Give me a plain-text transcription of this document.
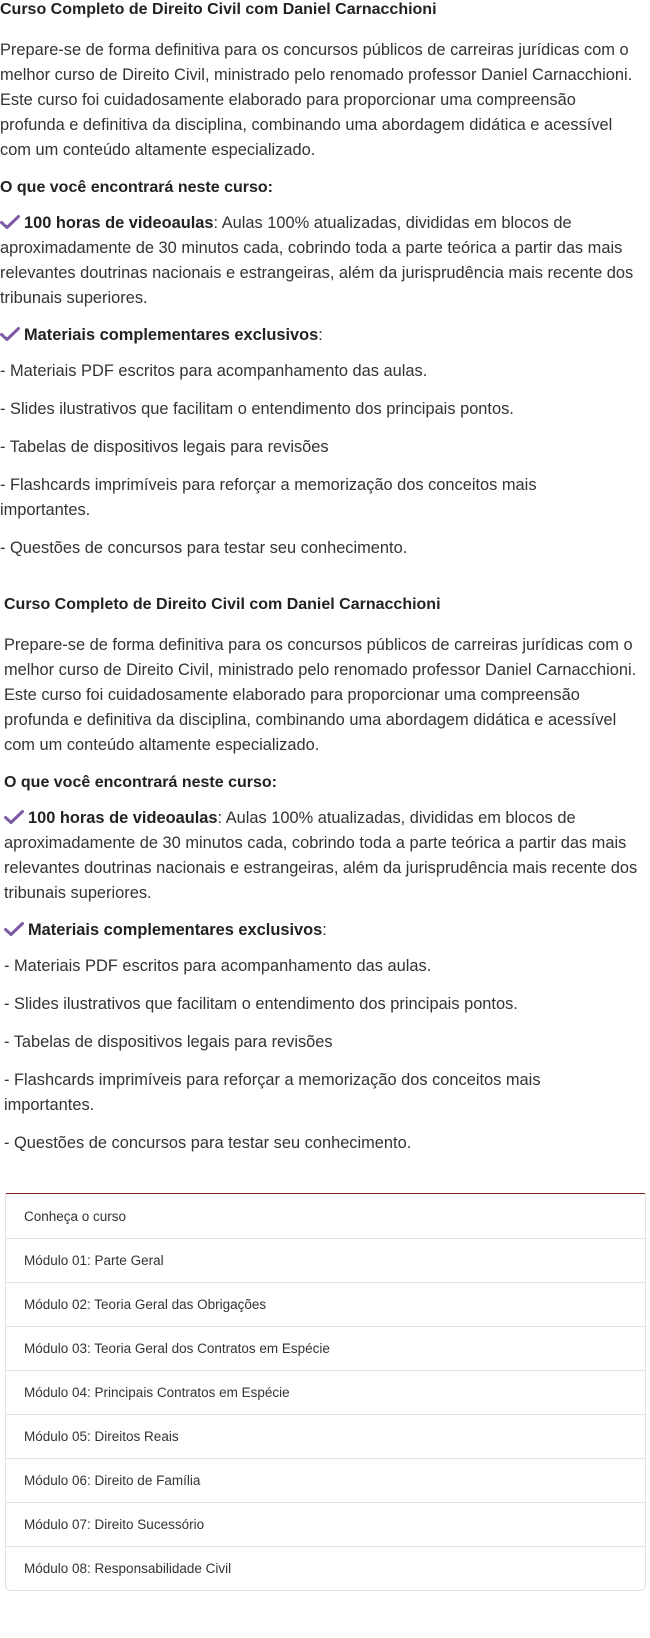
Curso Completo de Direito Civil com Daniel Carnacchioni

Prepare-se de forma definitiva para os concursos públicos de carreiras jurídicas com o melhor curso de Direito Civil, ministrado pelo renomado professor Daniel Carnacchioni. Este curso foi cuidadosamente elaborado para proporcionar uma compreensão profunda e definitiva da disciplina, combinando uma abordagem didática e acessível com um conteúdo altamente especializado.

O que você encontrará neste curso:

100 horas de videoaulas: Aulas 100% atualizadas, divididas em blocos de aproximadamente de 30 minutos cada, cobrindo toda a parte teórica a partir das mais relevantes doutrinas nacionais e estrangeiras, além da jurisprudência mais recente dos tribunais superiores.

Materiais complementares exclusivos:

- Materiais PDF escritos para acompanhamento das aulas.

- Slides ilustrativos que facilitam o entendimento dos principais pontos.

- Tabelas de dispositivos legais para revisões

- Flashcards imprimíveis para reforçar a memorização dos conceitos mais importantes.

- Questões de concursos para testar seu conhecimento.

Curso Completo de Direito Civil com Daniel Carnacchioni

Prepare-se de forma definitiva para os concursos públicos de carreiras jurídicas com o melhor curso de Direito Civil, ministrado pelo renomado professor Daniel Carnacchioni. Este curso foi cuidadosamente elaborado para proporcionar uma compreensão profunda e definitiva da disciplina, combinando uma abordagem didática e acessível com um conteúdo altamente especializado.

O que você encontrará neste curso:

100 horas de videoaulas: Aulas 100% atualizadas, divididas em blocos de aproximadamente de 30 minutos cada, cobrindo toda a parte teórica a partir das mais relevantes doutrinas nacionais e estrangeiras, além da jurisprudência mais recente dos tribunais superiores.

Materiais complementares exclusivos:

- Materiais PDF escritos para acompanhamento das aulas.

- Slides ilustrativos que facilitam o entendimento dos principais pontos.

- Tabelas de dispositivos legais para revisões

- Flashcards imprimíveis para reforçar a memorização dos conceitos mais importantes.

- Questões de concursos para testar seu conhecimento.

Conheça o curso
Módulo 01: Parte Geral
Módulo 02: Teoria Geral das Obrigações
Módulo 03: Teoria Geral dos Contratos em Espécie
Módulo 04: Principais Contratos em Espécie
Módulo 05: Direitos Reais
Módulo 06: Direito de Família
Módulo 07: Direito Sucessório
Módulo 08: Responsabilidade Civil
